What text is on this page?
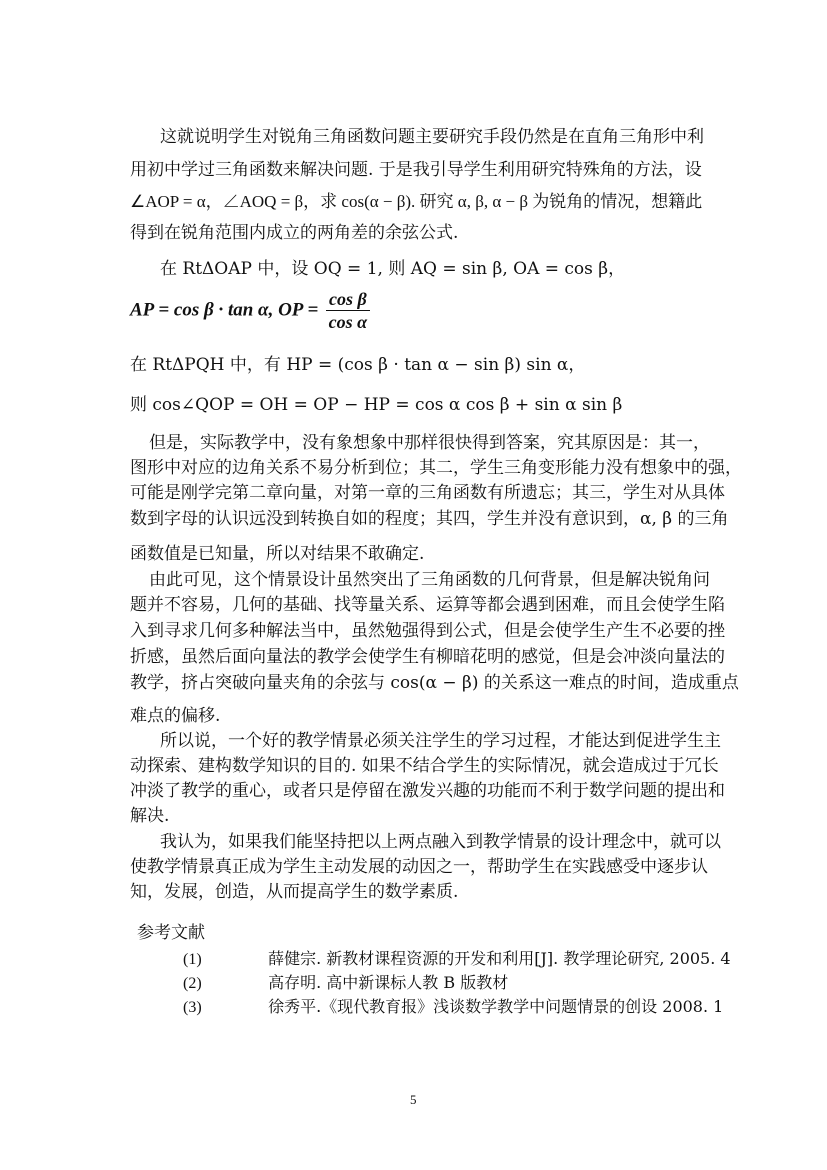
这就说明学生对锐角三角函数问题主要研究手段仍然是在直角三角形中利
用初中学过三角函数来解决问题. 于是我引导学生利用研究特殊角的方法，设
∠AOP = α，∠AOQ = β，求 cos(α − β). 研究 α, β, α − β 为锐角的情况，想籍此
得到在锐角范围内成立的两角差的余弦公式.
在 RtΔOAP 中，设 OQ = 1, 则 AQ = sin β, OA = cos β，
AP = cos β · tan α, OP = $\frac{\text{cos β}}{\text{cos α}}$
在 RtΔPQH 中，有 HP = (cos β · tan α − sin β) sin α，
则 cos∠QOP = OH = OP − HP = cos α cos β + sin α sin β
但是，实际教学中，没有象想象中那样很快得到答案，究其原因是：其一，
图形中对应的边角关系不易分析到位；其二，学生三角变形能力没有想象中的强，
可能是刚学完第二章向量，对第一章的三角函数有所遗忘；其三，学生对从具体
数到字母的认识远没到转换自如的程度；其四，学生并没有意识到，α, β 的三角
函数值是已知量，所以对结果不敢确定.
由此可见，这个情景设计虽然突出了三角函数的几何背景，但是解决锐角问
题并不容易，几何的基础、找等量关系、运算等都会遇到困难，而且会使学生陷
入到寻求几何多种解法当中，虽然勉强得到公式，但是会使学生产生不必要的挫
折感，虽然后面向量法的教学会使学生有柳暗花明的感觉，但是会冲淡向量法的
教学，挤占突破向量夹角的余弦与 cos(α − β) 的关系这一难点的时间，造成重点
难点的偏移.
所以说，一个好的教学情景必须关注学生的学习过程，才能达到促进学生主
动探索、建构数学知识的目的. 如果不结合学生的实际情况，就会造成过于冗长
冲淡了教学的重心，或者只是停留在激发兴趣的功能而不利于数学问题的提出和
解决.
我认为，如果我们能坚持把以上两点融入到教学情景的设计理念中，就可以
使教学情景真正成为学生主动发展的动因之一，帮助学生在实践感受中逐步认
知，发展，创造，从而提高学生的数学素质.
参考文献
(1)	薛健宗. 新教材课程资源的开发和利用[J]. 教学理论研究, 2005. 4
(2)	高存明. 高中新课标人教 B 版教材
(3)	徐秀平.《现代教育报》浅谈数学教学中问题情景的创设 2008. 1
5
